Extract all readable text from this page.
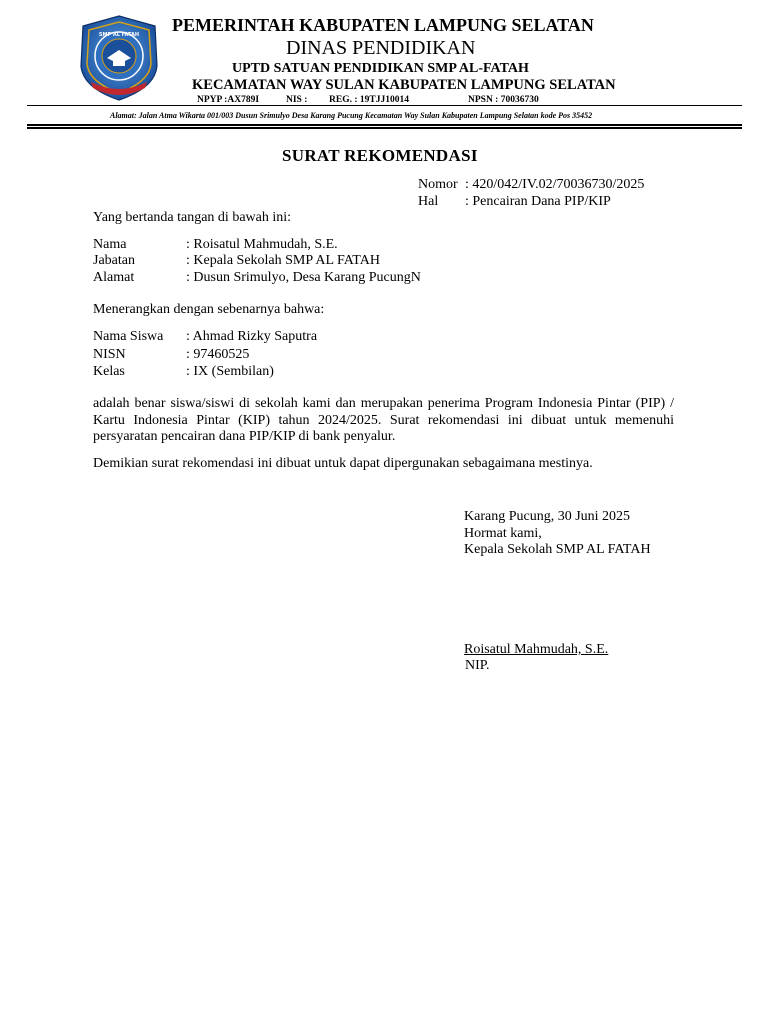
SMP AL FATAH PEMERINTAH KABUPATEN LAMPUNG SELATAN
DINAS PENDIDIKAN
UPTD SATUAN PENDIDIKAN SMP AL-FATAH
KECAMATAN WAY SULAN KABUPATEN LAMPUNG SELATAN
NPYP :AX789I	NIS : REG. : 19TJJ10014	NPSN : 70036730
Alamat: Jalan Atma Wikarta 001/003 Dusun Srimulyo Desa Karang Pucung Kecamatan Way Sulan Kabupaten Lampung Selatan kode Pos 35452
SURAT REKOMENDASI
Nomor : 420/042/IV.02/70036730/2025
Hal : Pencairan Dana PIP/KIP
Yang bertanda tangan di bawah ini:
Nama	: Roisatul Mahmudah, S.E.
Jabatan	: Kepala Sekolah SMP AL FATAH
Alamat	: Dusun Srimulyo, Desa Karang PucungN
Menerangkan dengan sebenarnya bahwa:
Nama Siswa : Ahmad Rizky Saputra
NISN	: 97460525
Kelas	: IX (Sembilan)
adalah benar siswa/siswi di sekolah kami dan merupakan penerima Program Indonesia Pintar (PIP) / Kartu Indonesia Pintar (KIP) tahun 2024/2025. Surat rekomendasi ini dibuat untuk memenuhi persyaratan pencairan dana PIP/KIP di bank penyalur.
Demikian surat rekomendasi ini dibuat untuk dapat dipergunakan sebagaimana mestinya.
Karang Pucung, 30 Juni 2025
Hormat kami,
Kepala Sekolah SMP AL FATAH
Roisatul Mahmudah, S.E.
NIP.
